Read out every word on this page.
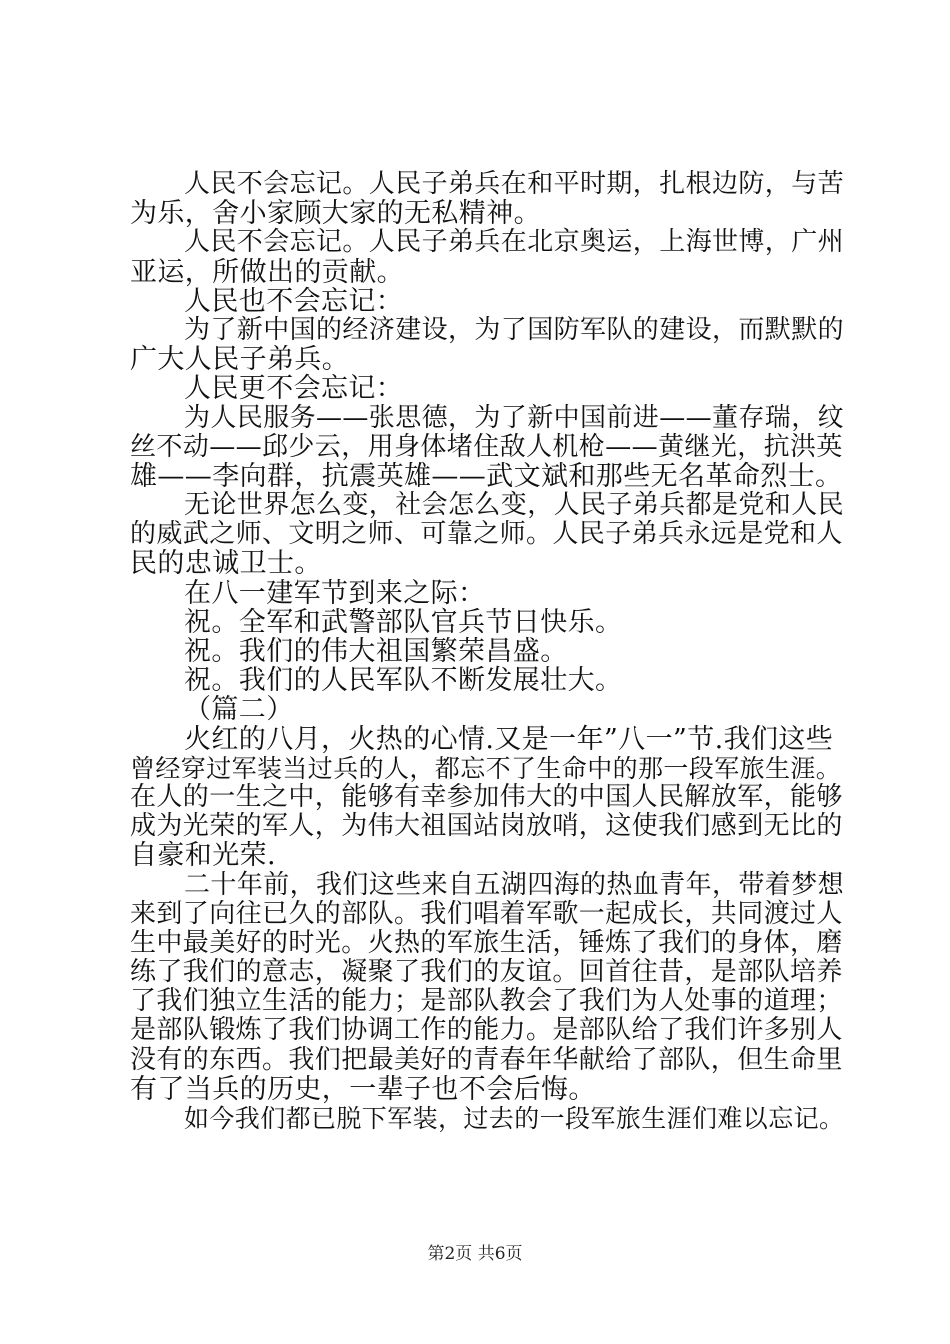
人民不会忘记。人民子弟兵在和平时期，扎根边防，与苦
为乐，舍小家顾大家的无私精神。
人民不会忘记。人民子弟兵在北京奥运，上海世博，广州
亚运，所做出的贡献。
人民也不会忘记：
为了新中国的经济建设，为了国防军队的建设，而默默的
广大人民子弟兵。
人民更不会忘记：
为人民服务——张思德，为了新中国前进——董存瑞，纹
丝不动——邱少云，用身体堵住敌人机枪——黄继光，抗洪英
雄——李向群，抗震英雄——武文斌和那些无名革命烈士。
无论世界怎么变，社会怎么变，人民子弟兵都是党和人民
的威武之师、文明之师、可靠之师。人民子弟兵永远是党和人
民的忠诚卫士。
在八一建军节到来之际：
祝。全军和武警部队官兵节日快乐。
祝。我们的伟大祖国繁荣昌盛。
祝。我们的人民军队不断发展壮大。
（篇二）
火红的八月，火热的心情.又是一年”八一”节.我们这些
曾经穿过军装当过兵的人，都忘不了生命中的那一段军旅生涯。
在人的一生之中，能够有幸参加伟大的中国人民解放军，能够
成为光荣的军人，为伟大祖国站岗放哨，这使我们感到无比的
自豪和光荣.
二十年前，我们这些来自五湖四海的热血青年，带着梦想
来到了向往已久的部队。我们唱着军歌一起成长，共同渡过人
生中最美好的时光。火热的军旅生活，锤炼了我们的身体，磨
练了我们的意志，凝聚了我们的友谊。回首往昔，是部队培养
了我们独立生活的能力；是部队教会了我们为人处事的道理；
是部队锻炼了我们协调工作的能力。是部队给了我们许多别人
没有的东西。我们把最美好的青春年华献给了部队，但生命里
有了当兵的历史，一辈子也不会后悔。
如今我们都已脱下军装，过去的一段军旅生涯们难以忘记。
第2页 共6页
